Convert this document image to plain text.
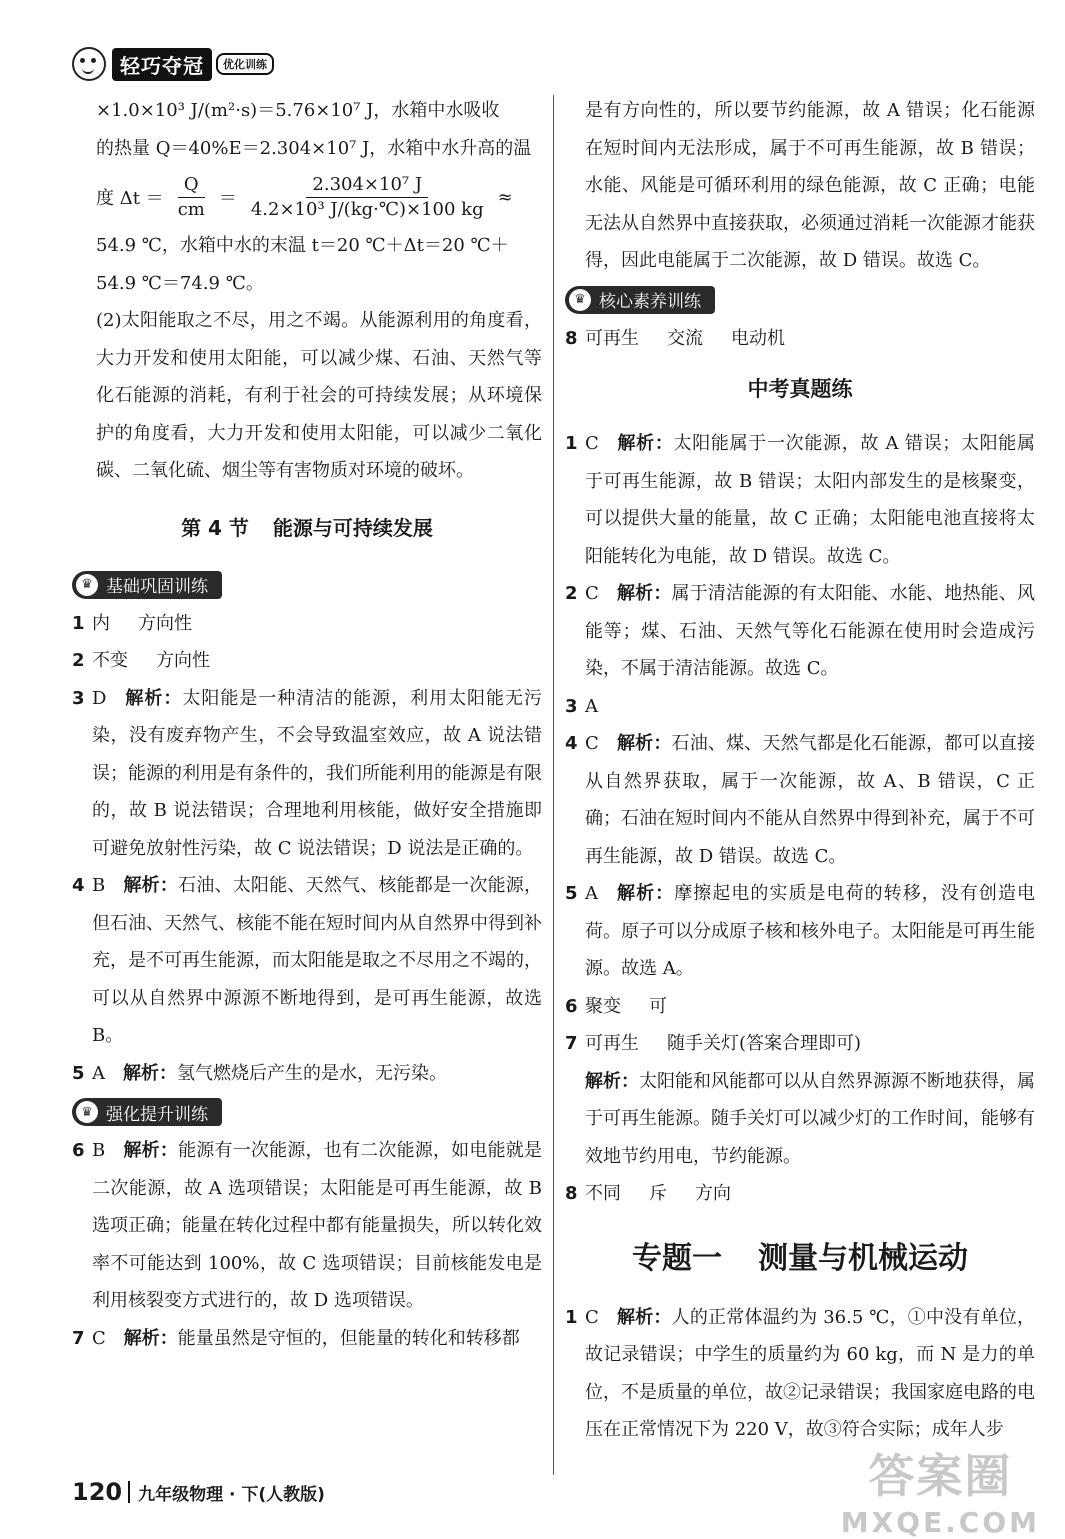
轻巧夺冠	优化训练

×1.0×10³ J/(m²·s)＝5.76×10⁷ J，水箱中水吸收

的热量 Q＝40%E＝2.304×10⁷ J，水箱中水升高的温

度 $\Delta t = \frac{Q}{cm} = \frac{\text{2.304×10⁷ J}}{\text{4.2×10³ J/(kg·℃)×100 kg}}$ ≈

54.9 ℃，水箱中水的末温 t＝20 ℃＋Δt＝20 ℃＋

54.9 ℃＝74.9 ℃。

(2)太阳能取之不尽，用之不竭。从能源利用的角度看，大力开发和使用太阳能，可以减少煤、石油、天然气等化石能源的消耗，有利于社会的可持续发展；从环境保护的角度看，大力开发和使用太阳能，可以减少二氧化碳、二氧化硫、烟尘等有害物质对环境的破坏。

第 4 节 能源与可持续发展
♛ 基础巩固训练
1 内 方向性
2 不变 方向性
3 D 解析：太阳能是一种清洁的能源，利用太阳能无污染，没有废弃物产生，不会导致温室效应，故 A 说法错误；能源的利用是有条件的，我们所能利用的能源是有限的，故 B 说法错误；合理地利用核能，做好安全措施即可避免放射性污染，故 C 说法错误；D 说法是正确的。
4 B 解析：石油、太阳能、天然气、核能都是一次能源，但石油、天然气、核能不能在短时间内从自然界中得到补充，是不可再生能源，而太阳能是取之不尽用之不竭的，可以从自然界中源源不断地得到，是可再生能源，故选 B。
5 A 解析：氢气燃烧后产生的是水，无污染。
♛ 强化提升训练
6 B 解析：能源有一次能源，也有二次能源，如电能就是二次能源，故 A 选项错误；太阳能是可再生能源，故 B 选项正确；能量在转化过程中都有能量损失，所以转化效率不可能达到 100%，故 C 选项错误；目前核能发电是利用核裂变方式进行的，故 D 选项错误。
7 C 解析：能量虽然是守恒的，但能量的转化和转移都

是有方向性的，所以要节约能源，故 A 错误；化石能源在短时间内无法形成，属于不可再生能源，故 B 错误；水能、风能是可循环利用的绿色能源，故 C 正确；电能无法从自然界中直接获取，必须通过消耗一次能源才能获得，因此电能属于二次能源，故 D 错误。故选 C。

♛ 核心素养训练
8 可再生 交流 电动机
中考真题练
1 C 解析：太阳能属于一次能源，故 A 错误；太阳能属于可再生能源，故 B 错误；太阳内部发生的是核聚变，可以提供大量的能量，故 C 正确；太阳能电池直接将太阳能转化为电能，故 D 错误。故选 C。
2 C 解析：属于清洁能源的有太阳能、水能、地热能、风能等；煤、石油、天然气等化石能源在使用时会造成污染，不属于清洁能源。故选 C。
3 A
4 C 解析：石油、煤、天然气都是化石能源，都可以直接从自然界获取，属于一次能源，故 A、B 错误，C 正确；石油在短时间内不能从自然界中得到补充，属于不可再生能源，故 D 错误。故选 C。
5 A 解析：摩擦起电的实质是电荷的转移，没有创造电荷。原子可以分成原子核和核外电子。太阳能是可再生能源。故选 A。
6 聚变 可
7 可再生 随手关灯(答案合理即可)
解析：太阳能和风能都可以从自然界源源不断地获得，属于可再生能源。随手关灯可以减少灯的工作时间，能够有效地节约用电，节约能源。
8 不同 斥 方向
专题一 测量与机械运动
1 C 解析：人的正常体温约为 36.5 ℃，①中没有单位，故记录错误；中学生的质量约为 60 kg，而 N 是力的单位，不是质量的单位，故②记录错误；我国家庭电路的电压在正常情况下为 220 V，故③符合实际；成年人步
120 九年级物理 · 下(人教版)	答案圈
MXQE.COM
